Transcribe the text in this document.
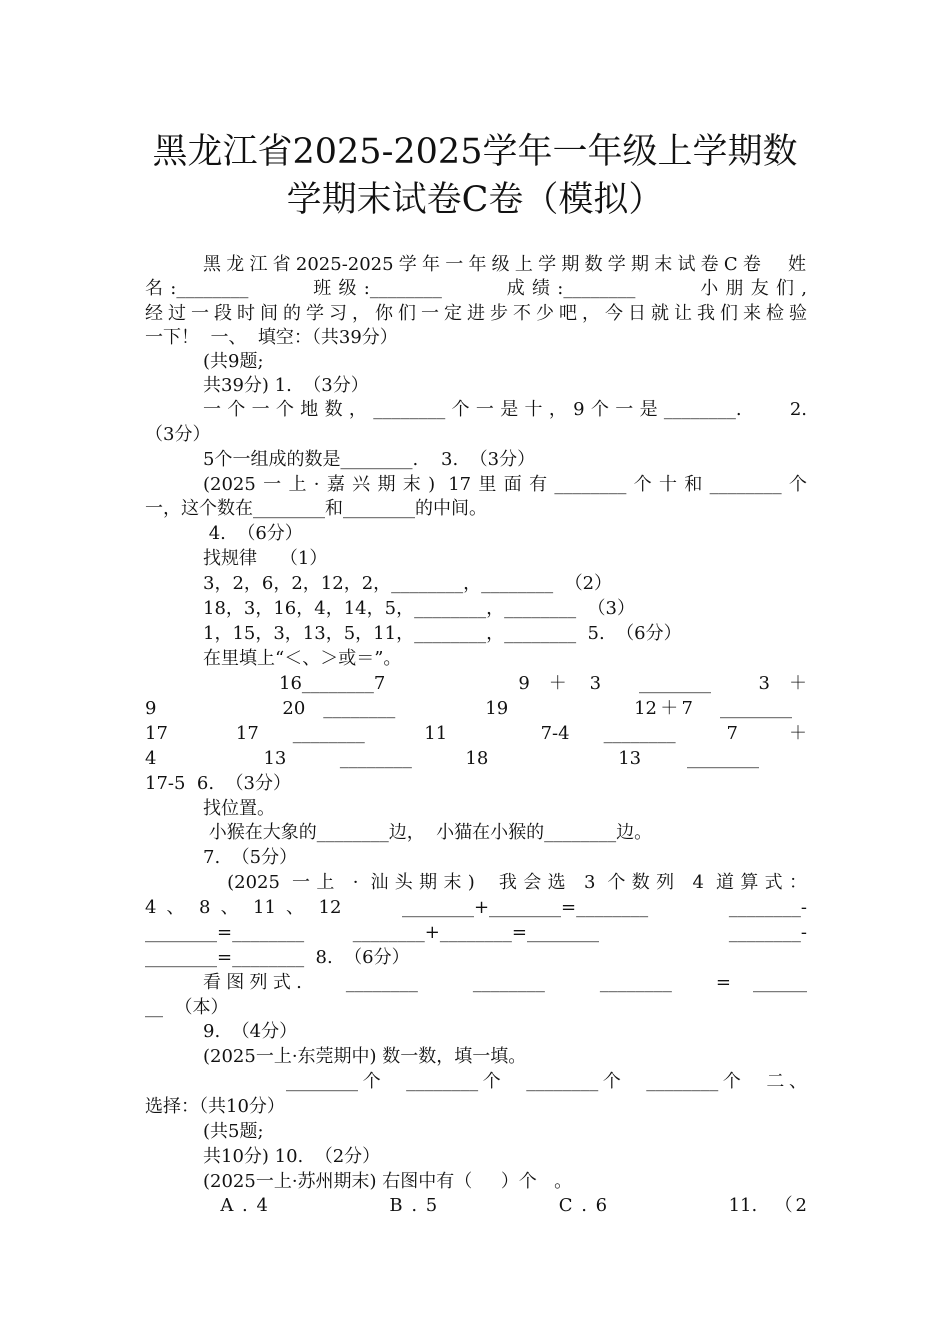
黑龙江省2025-2025学年一年级上学期数
学期末试卷C卷（模拟）
黑龙江省2025-2025学年一年级上学期数学期末试卷C卷  姓
名:________     班级:________     成绩:________     小朋友们,
经过一段时间的学习，你们一定进步不少吧，今日就让我们来检验
一下！  一、  填空：（共39分）
(共9题;
共39分) 1.  （3分）
一个一个地数，________个一是十，9个一是________.    2.
（3分）
5个一组成的数是________.    3.  （3分）
(2025一上·嘉兴期末) 17里面有________个十和________个
一，这个数在________和________的中间。
4.  （6分）
找规律    （1）
3，2，6，2，12，2，________，________  （2）
18，3，16，4，14，5，________，________  （3）
1，15，3，13，5，11，________，________  5.  （6分）
在里填上“＜、＞或＝”。
16________7              9  ＋  3    ________     3  ＋
9              20  ________          19              12＋7   ________
17        17    ________       11           7-4    ________      7      ＋
4              13       ________       18                 13      ________
17-5  6.  （3分）
找位置。
小猴在大象的________边，  小猫在小猴的________边。
7.  （5分）
(2025 一上 · 汕头期末)  我会选 3 个数列 4 道算式：
4 、 8 、 11 、 12      ________+________=________        ________-
________=________   ________+________=________        ________-
________=________  8.  （6分）
看图列式.    ________     ________     ________    =  ______
__  （本）
9.  （4分）
(2025一上·东莞期中) 数一数，填一填。
________个  ________个  ________个  ________个  二、
选择：（共10分）
(共5题;
共10分) 10.  （2分）
(2025一上·苏州期末) 右图中有（     ）个   。
A . 4              B . 5              C . 6              11.  （2
